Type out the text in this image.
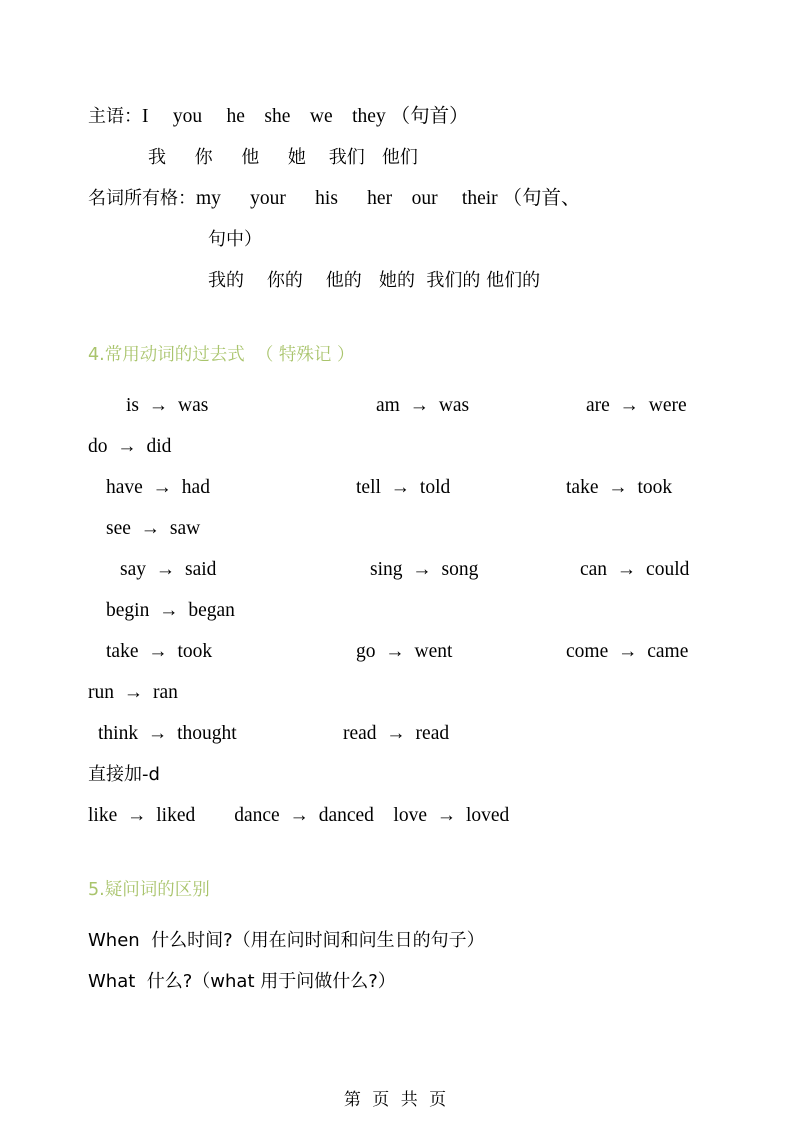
主语：I     you     he    she    we    they （句首）
我     你     他     她    我们   他们
名词所有格：my      your      his      her    our     their （句首、
句中）
我的    你的    他的   她的  我们的 他们的
4.常用动词的过去式  （ 特殊记 ）
is  →  was	am  →  was	are  →  were
do  →  did
have  →  had	tell  →  told	take  →  took
see  →  saw
say  →  said	sing  →  song	can  →  could
begin  →  began
take  →  took	go  →  went	come  →  came
run  →  ran
think  →  thought	read  →  read
直接加-d
like  →  liked        dance  →  danced    love  →  loved
5.疑问词的区别
When  什么时间?（用在问时间和问生日的句子）
What  什么?（what 用于问做什么?）
第 页 共 页
